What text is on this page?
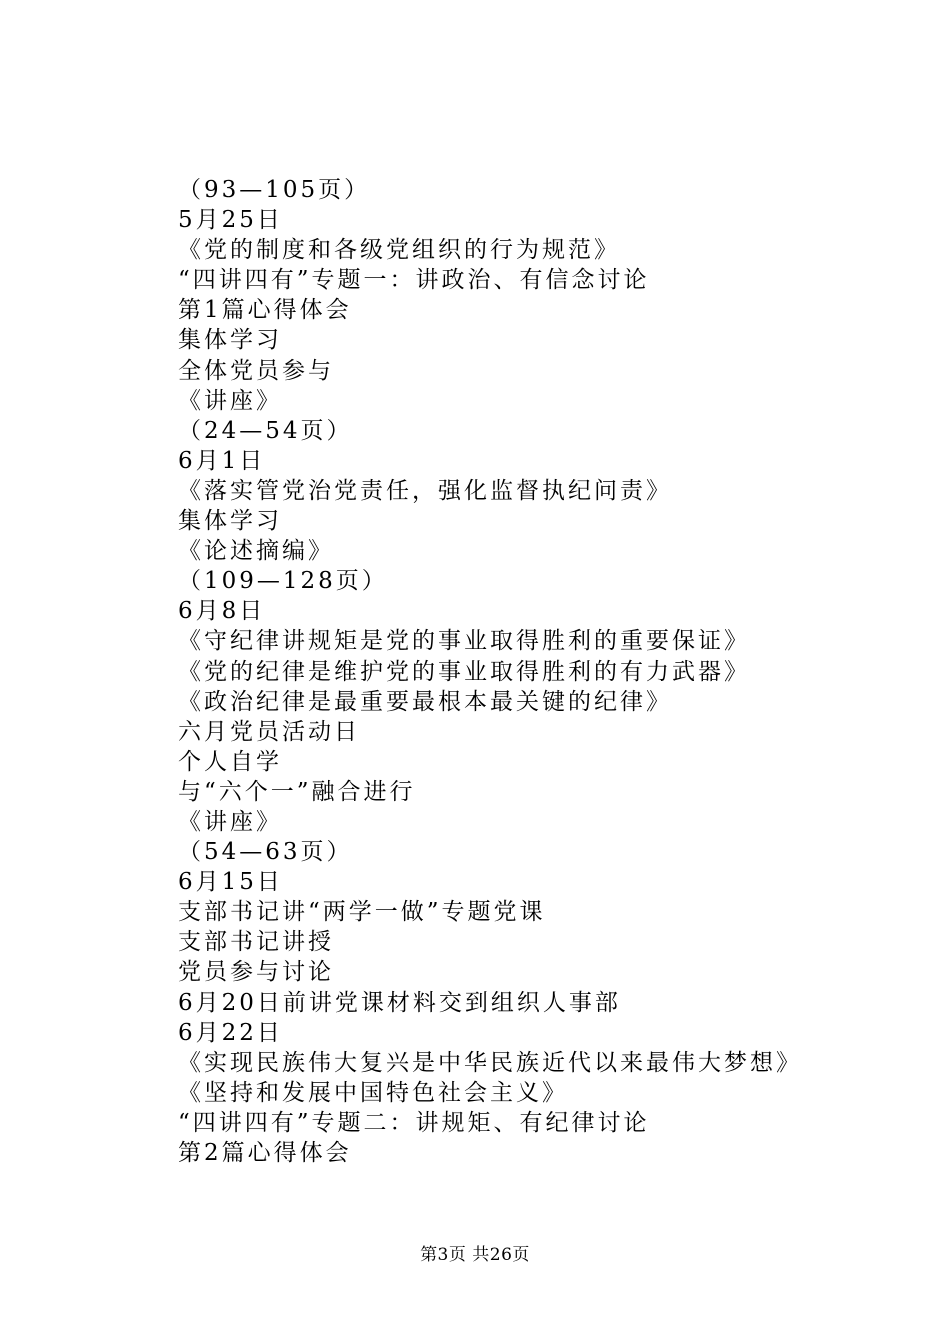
（93—105页）
5月25日
《党的制度和各级党组织的行为规范》
“四讲四有”专题一：讲政治、有信念讨论
第1篇心得体会
集体学习
全体党员参与
《讲座》
（24—54页）
6月1日
《落实管党治党责任，强化监督执纪问责》
集体学习
《论述摘编》
（109—128页）
6月8日
《守纪律讲规矩是党的事业取得胜利的重要保证》
《党的纪律是维护党的事业取得胜利的有力武器》
《政治纪律是最重要最根本最关键的纪律》
六月党员活动日
个人自学
与“六个一”融合进行
《讲座》
（54—63页）
6月15日
支部书记讲“两学一做”专题党课
支部书记讲授
党员参与讨论
6月20日前讲党课材料交到组织人事部
6月22日
《实现民族伟大复兴是中华民族近代以来最伟大梦想》
《坚持和发展中国特色社会主义》
“四讲四有”专题二：讲规矩、有纪律讨论
第2篇心得体会
第3页 共26页
